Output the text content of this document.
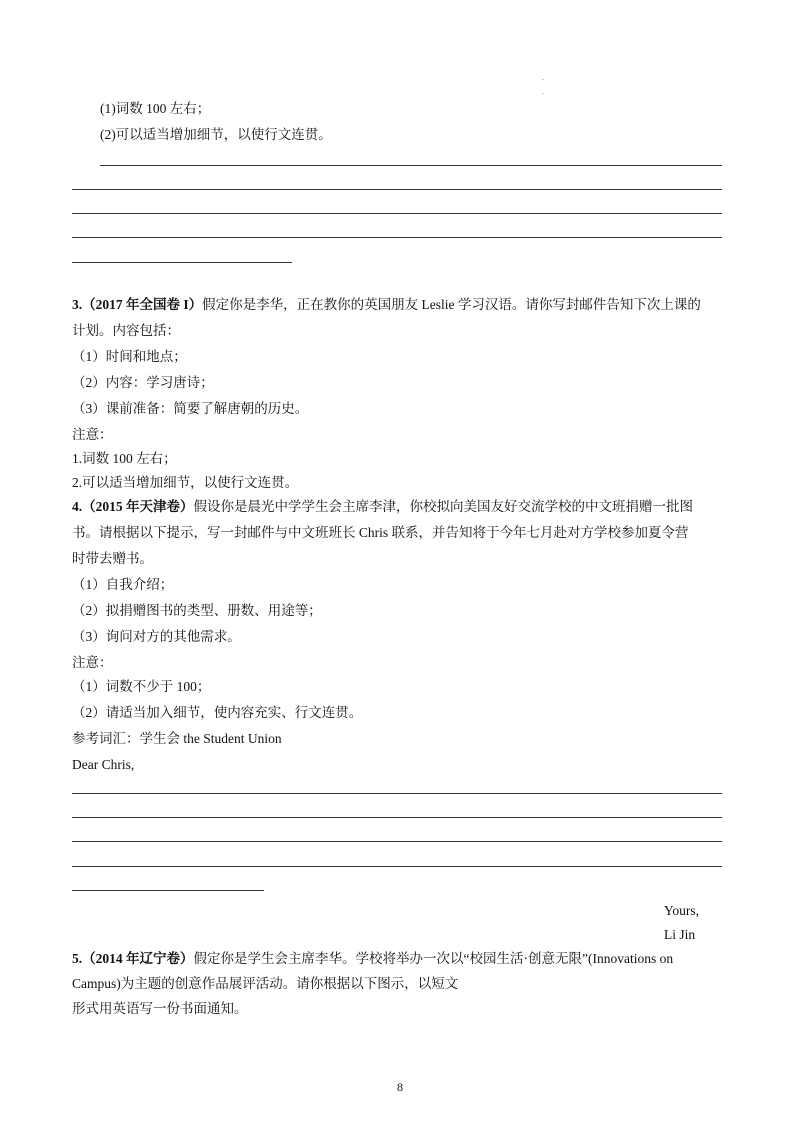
.
.
(1)词数 100 左右；
(2)可以适当增加细节，以使行文连贯。
3.（2017 年全国卷 I）假定你是李华，正在教你的英国朋友 Leslie 学习汉语。请你写封邮件告知下次上课的
计划。内容包括：
（1）时间和地点；
（2）内容：学习唐诗；
（3）课前准备：简要了解唐朝的历史。
注意：
1.词数 100 左右；
2.可以适当增加细节，以使行文连贯。
4.（2015 年天津卷）假设你是晨光中学学生会主席李津，你校拟向美国友好交流学校的中文班捐赠一批图
书。请根据以下提示，写一封邮件与中文班班长 Chris 联系，并告知将于今年七月赴对方学校参加夏令营
时带去赠书。
（1）自我介绍；
（2）拟捐赠图书的类型、册数、用途等；
（3）询问对方的其他需求。
注意：
（1）词数不少于 100；
（2）请适当加入细节，使内容充实、行文连贯。
参考词汇：学生会 the Student Union
Dear Chris,
Yours,
Li Jin
5.（2014 年辽宁卷）假定你是学生会主席李华。学校将举办一次以“校园生活·创意无限”(Innovations on
Campus)为主题的创意作品展评活动。请你根据以下图示，以短文
形式用英语写一份书面通知。
8
